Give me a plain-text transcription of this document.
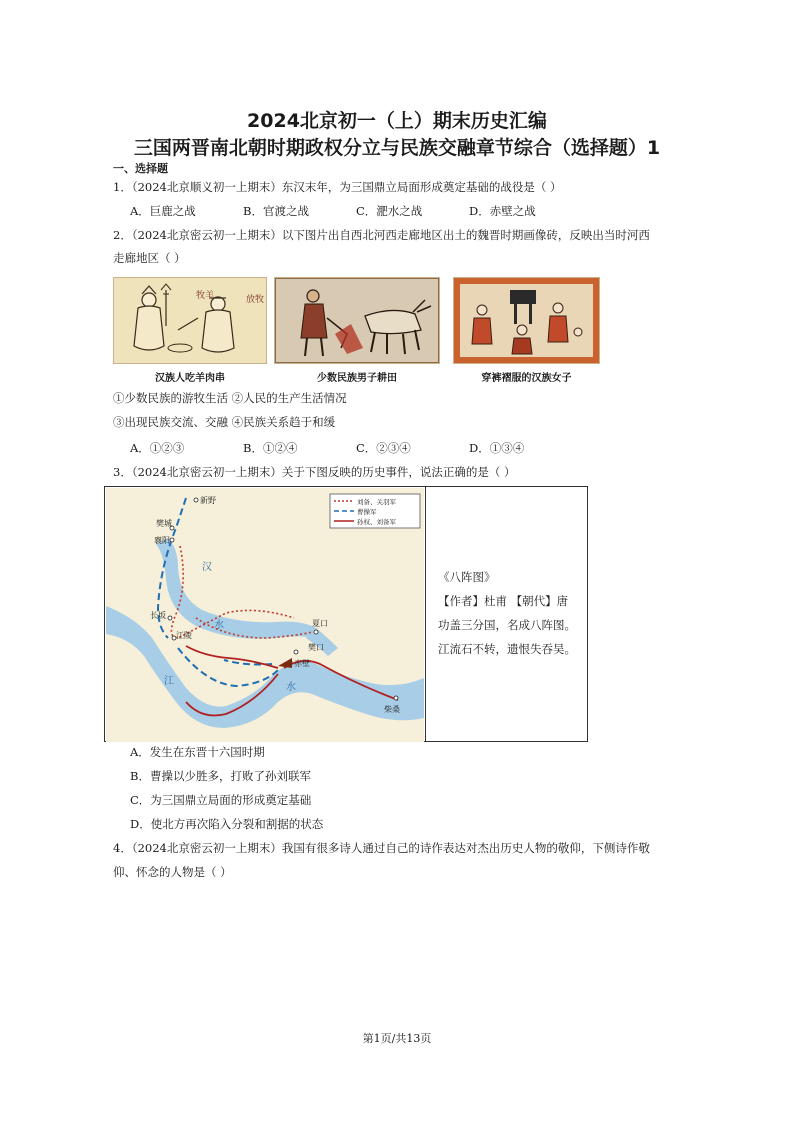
2024北京初一（上）期末历史汇编
三国两晋南北朝时期政权分立与民族交融章节综合（选择题）1
一、选择题
1．（2024北京顺义初一上期末）东汉末年，为三国鼎立局面形成奠定基础的战役是（ ）
A．巨鹿之战	B．官渡之战	C．淝水之战	D．赤壁之战
2．（2024北京密云初一上期末）以下图片出自西北河西走廊地区出土的魏晋时期画像砖，反映出当时河西
走廊地区（ ）
牧羊	放牧
汉族人吃羊肉串	少数民族男子耕田	穿裤褶服的汉族女子
①少数民族的游牧生活 ②人民的生产生活情况
③出现民族交流、交融 ④民族关系趋于和缓
A．①②③	B．①②④	C．②③④	D．①③④
3．（2024北京密云初一上期末）关于下图反映的历史事件，说法正确的是（ ）
刘备、关羽军
曹操军
孙权、刘备军
新野
樊城
襄阳
长坂
江陵
夏口
樊口
赤壁
柴桑
汉
水
江
水
《八阵图》
【作者】杜甫 【朝代】唐
功盖三分国，名成八阵图。
江流石不转，遗恨失吞吴。
A．发生在东晋十六国时期
B．曹操以少胜多，打败了孙刘联军
C．为三国鼎立局面的形成奠定基础
D．使北方再次陷入分裂和割据的状态
4．（2024北京密云初一上期末）我国有很多诗人通过自己的诗作表达对杰出历史人物的敬仰，下侧诗作敬
仰、怀念的人物是（ ）
第1页/共13页
